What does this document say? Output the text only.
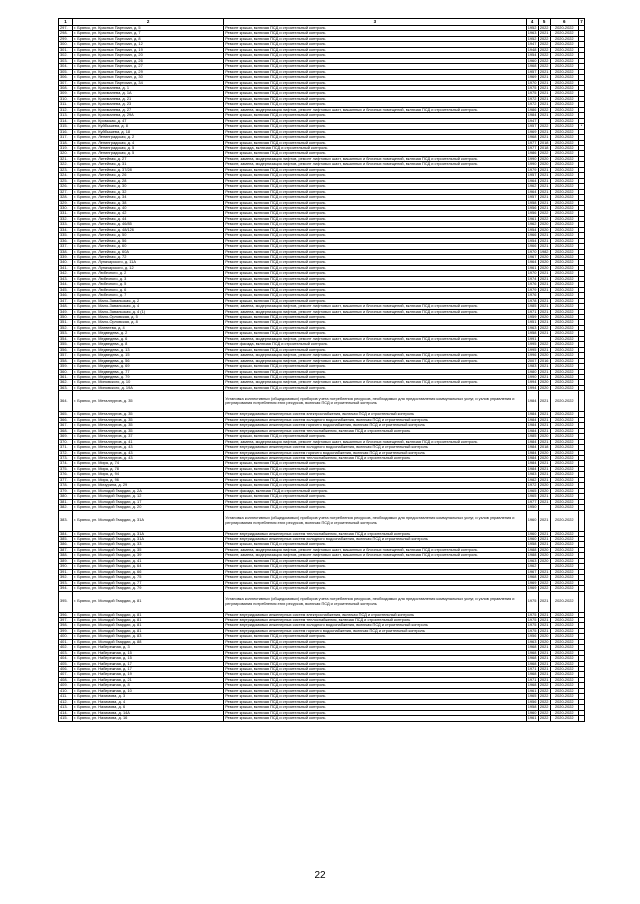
1	2	3	4	5	6	7
297.	г. Брянск, ул. Красных Партизан, д. 5	Ремонт крыши, включая ПСД и строительный контроль	1952	2022	2020-2022	
298.	г. Брянск, ул. Красных Партизан, д. 7	Ремонт крыши, включая ПСД и строительный контроль	1963	2021	2020-2022	
299.	г. Брянск, ул. Красных Партизан, д. 8	Ремонт крыши, включая ПСД и строительный контроль	1952	2022	2020-2022	
300.	г. Брянск, ул. Красных Партизан, д. 12	Ремонт крыши, включая ПСД и строительный контроль	1947	2022	2020-2022	
301.	г. Брянск, ул. Красных Партизан, д. 19	Ремонт крыши, включая ПСД и строительный контроль	1948	2022	2020-2022	
302.	г. Брянск, ул. Красных Партизан, д. 20	Ремонт крыши, включая ПСД и строительный контроль	1954	2022	2020-2022	
303.	г. Брянск, ул. Красных Партизан, д. 26	Ремонт крыши, включая ПСД и строительный контроль	1960	2022	2020-2022	
304.	г. Брянск, ул. Красных Партизан, д. 27	Ремонт крыши, включая ПСД и строительный контроль	1968	2022	2020-2022	
305.	г. Брянск, ул. Красных Партизан, д. 29	Ремонт крыши, включая ПСД и строительный контроль	1957	2021	2020-2022	
306.	г. Брянск, ул. Красных Партизан, д. 30	Ремонт крыши, включая ПСД и строительный контроль	1969	2021	2020-2022	
307.	г. Брянск, ул. Красных Партизан, д. 34	Ремонт крыши, включая ПСД и строительный контроль	1970	2021	2020-2022	
308.	г. Брянск, ул. Крахмалева, д. 1	Ремонт крыши, включая ПСД и строительный контроль	1975	2021	2020-2022	
309.	г. Брянск, ул. Крахмалева, д. 1А	Ремонт крыши, включая ПСД и строительный контроль	1975	2021	2020-2022	
310.	г. Брянск, ул. Крахмалева, д. 21	Ремонт крыши, включая ПСД и строительный контроль	1972	2021	2020-2022	
311.	г. Брянск, ул. Крахмалева, д. 23	Ремонт крыши, включая ПСД и строительный контроль	1972	2021	2020-2022	
312.	г. Брянск, ул. Крахмалева, д. 27	Ремонт, замена, модернизация лифтов, ремонт лифтовых шахт, машинных и блочных помещений, включая ПСД и строительный контроль	1986	2022	2020-2022	
313.	г. Брянск, ул. Крахмалева, д. 29А	Ремонт крыши, включая ПСД и строительный контроль	1984	2021	2020-2022	
314.	г. Брянск, ул. Кромская, д. 47	Ремонт крыши, включая ПСД и строительный контроль	1947		2020-2022	
315.	г. Брянск, ул. Куйбышева, д. 8	Ремонт крыши, включая ПСД и строительный контроль	1957	2022	2020-2022	*
316.	г. Брянск, ул. Куйбышева, д. 18	Ремонт крыши, включая ПСД и строительный контроль	1969	2021	2020-2022	
317.	г. Брянск, ул. Ленинградская, д. 2	Ремонт крыши, включая ПСД и строительный контроль	1968	2021	2020-2022	
318.	г. Брянск, ул. Ленинградская, д. 4	Ремонт крыши, включая ПСД и строительный контроль	1977	2018	2020-2022	
319.	г. Брянск, ул. Ленинградская, д. 5	Ремонт фасада, включая ПСД и строительный контроль	1977	2018	2020-2022	
320.	г. Брянск, ул. Ленинградская, д. 5	Ремонт крыши, включая ПСД и строительный контроль	1986	2022	2020-2022	
321.	г. Брянск, ул. Литейная, д. 27	Ремонт, замена, модернизация лифтов, ремонт лифтовых шахт, машинных и блочных помещений, включая ПСД и строительный контроль	1990	2020	2020-2022	
322.	г. Брянск, ул. Литейная, д. 31	Ремонт, замена, модернизация лифтов, ремонт лифтовых шахт, машинных и блочных помещений, включая ПСД и строительный контроль	1990	2020	2020-2022	
323.	г. Брянск, ул. Литейная, д. 37/28	Ремонт крыши, включая ПСД и строительный контроль	1979	2021	2020-2022	
324.	г. Брянск, ул. Литейная, д. 26	Ремонт крыши, включая ПСД и строительный контроль	1957	2021	2020-2022	
325.	г. Брянск, ул. Литейная, д. 28	Ремонт крыши, включая ПСД и строительный контроль	1964	2021	2020-2022	
326.	г. Брянск, ул. Литейная, д. 30	Ремонт крыши, включая ПСД и строительный контроль	1962	2021	2020-2022	
327.	г. Брянск, ул. Литейная, д. 32	Ремонт крыши, включая ПСД и строительный контроль	1964	2021	2020-2022	
328.	г. Брянск, ул. Литейная, д. 34	Ремонт крыши, включая ПСД и строительный контроль	1957	2021	2020-2022	
329.	г. Брянск, ул. Литейная, д. 38	Ремонт крыши, включая ПСД и строительный контроль	1958	2021	2020-2022	
330.	г. Брянск, ул. Литейная, д. 40	Ремонт крыши, включая ПСД и строительный контроль	1956	2021	2020-2022	
331.	г. Брянск, ул. Литейная, д. 42	Ремонт крыши, включая ПСД и строительный контроль	1956	2022	2020-2022	
332.	г. Брянск, ул. Литейная, д. 44	Ремонт крыши, включая ПСД и строительный контроль	1961	2022	2020-2022	
333.	г. Брянск, ул. Литейная, д. 46/85	Ремонт крыши, включая ПСД и строительный контроль	1962	2020	2020-2022	
334.	г. Брянск, ул. Литейная, д. 48/126	Ремонт крыши, включая ПСД и строительный контроль	1954	2020	2020-2022	
335.	г. Брянск, ул. Литейная, д. 50	Ремонт крыши, включая ПСД и строительный контроль	1966	2021	2020-2022	
336.	г. Брянск, ул. Литейная, д. 56	Ремонт крыши, включая ПСД и строительный контроль	1954	2021	2020-2022	
337.	г. Брянск, ул. Литейная, д. 60	Ремонт крыши, включая ПСД и строительный контроль	1966	2021	2020-2022	
338.	г. Брянск, ул. Литейная, д. 60А	Ремонт крыши, включая ПСД и строительный контроль	1970	1982	2020-2022	
339.	г. Брянск, ул. Литейная, д. 72	Ремонт крыши, включая ПСД и строительный контроль	1967	2020	2020-2022	
340.	г. Брянск, ул. Луначарского, д. 11А	Ремонт крыши, включая ПСД и строительный контроль	1964	2020	2020-2022	
341.	г. Брянск, ул. Луначарского, д. 12	Ремонт крыши, включая ПСД и строительный контроль	1961	2020	2020-2022	
342.	г. Брянск, ул. Любезного, д. 2	Ремонт крыши, включая ПСД и строительный контроль	1970	2021	2020-2022	
343.	г. Брянск, ул. Любезного, д. 3	Ремонт крыши, включая ПСД и строительный контроль	1974	2021	2020-2022	
344.	г. Брянск, ул. Любезного, д. 5	Ремонт крыши, включая ПСД и строительный контроль	1976	2021	2020-2022	
345.	г. Брянск, ул. Любезного, д. 6	Ремонт крыши, включая ПСД и строительный контроль	1979	2021	2020-2022	
346.	г. Брянск, ул. Любезного, д. 7	Ремонт крыши, включая ПСД и строительный контроль	1976		2020-2022	
347.	г. Брянск, ул. Мало-Завальская, д. 2	Ремонт крыши, включая ПСД и строительный контроль	1978	2021	2020-2022	
348.	г. Брянск, ул. Мало-Завальская, д. 4	Ремонт, замена, модернизация лифтов, ремонт лифтовых шахт, машинных и блочных помещений, включая ПСД и строительный контроль	1985	2021	2020-2022	
349.	г. Брянск, ул. Мало-Завальская, д. 4 (1)	Ремонт, замена, модернизация лифтов, ремонт лифтовых шахт, машинных и блочных помещений, включая ПСД и строительный контроль	1971	2021	2020-2022	
350.	г. Брянск, ул. Мало-Орловская, д. 5	Ремонт крыши, включая ПСД и строительный контроль	1959	2020	2020-2022	
351.	г. Брянск, ул. Мало-Орловская, д. 8	Ремонт крыши, включая ПСД и строительный контроль	1951	2021	2020-2022	
352.	г. Брянск, ул. Матвеева, д. 4	Ремонт крыши, включая ПСД и строительный контроль	1963	2022	2020-2022	
353.	г. Брянск, ул. Медведева, д. 2	Ремонт крыши, включая ПСД и строительный контроль	1958	2021	2020-2022	
354.	г. Брянск, ул. Медведева, д. 6	Ремонт, замена, модернизация лифтов, ремонт лифтовых шахт, машинных и блочных помещений, включая ПСД и строительный контроль	1991		2020-2022	
355.	г. Брянск, ул. Медведева, д. 8	Ремонт фасада, включая ПСД и строительный контроль	1995	2022	2020-2022	
356.	г. Брянск, ул. Медведева, д. 13	Ремонт крыши, включая ПСД и строительный контроль	1995	2021	2020-2022	
357.	г. Брянск, ул. Медведева, д. 15	Ремонт, замена, модернизация лифтов, ремонт лифтовых шахт, машинных и блочных помещений, включая ПСД и строительный контроль	1996	2020	2020-2022	
358.	г. Брянск, ул. Медведева, д. 56	Ремонт, замена, модернизация лифтов, ремонт лифтовых шахт, машинных и блочных помещений, включая ПСД и строительный контроль	2007	2016	2020-2022	
359.	г. Брянск, ул. Медведева, д. 69	Ремонт крыши, включая ПСД и строительный контроль	1983	2021	2020-2022	
360.	г. Брянск, ул. Медведева, д. 77	Ремонт крыши, включая ПСД и строительный контроль	1980	2021	2020-2022	
361.	г. Брянск, ул. Медведева, д. 79	Ремонт крыши, включая ПСД и строительный контроль	1990	2021	2020-2022	
362.	г. Брянск, ул. Миновского, д. 10	Ремонт, замена, модернизация лифтов, ремонт лифтовых шахт, машинных и блочных помещений, включая ПСД и строительный контроль	1994	2020	2020-2022	
363.	г. Брянск, ул. Миновского, д. 19А	Ремонт крыши, включая ПСД и строительный контроль	1994	2020	2020-2022	
364.	г. Брянск, ул. Металлургов, д. 35	Установка коллективных (общедомовых) приборов учета потребления ресурсов, необходимых для предоставления коммунальных услуг, и узлов управления и регулирования потребления этих ресурсов, включая ПСД и строительный контроль	1984	2021	2020-2022	
365.	г. Брянск, ул. Металлургов, д. 35	Ремонт внутридомовых инженерных систем электроснабжения, включая ПСД и строительный контроль	1984	2021	2020-2022	
366.	г. Брянск, ул. Металлургов, д. 35	Ремонт внутридомовых инженерных систем холодного водоснабжения, включая ПСД и строительный контроль	1984	2021	2020-2022	
367.	г. Брянск, ул. Металлургов, д. 35	Ремонт внутридомовых инженерных систем горячего водоснабжения, включая ПСД и строительный контроль	1984	2021	2020-2022	
368.	г. Брянск, ул. Металлургов, д. 35	Ремонт внутридомовых инженерных систем теплоснабжения, включая ПСД и строительный контроль	1984	2021	2020-2022	
369.	г. Брянск, ул. Металлургов, д. 37	Ремонт крыши, включая ПСД и строительный контроль	1985	2020	2020-2022	
370.	г. Брянск, ул. Металлургов, д. 41	Ремонт, замена, модернизация лифтов, ремонт лифтовых шахт, машинных и блочных помещений, включая ПСД и строительный контроль	1984	2021	2020-2022	
371.	г. Брянск, ул. Металлургов, д. 43	Ремонт внутридомовых инженерных систем холодного водоснабжения, включая ПСД и строительный контроль	1984	2018	2020-2022	
372.	г. Брянск, ул. Металлургов, д. 43	Ремонт внутридомовых инженерных систем горячего водоснабжения, включая ПСД и строительный контроль	1984	2020	2020-2022	
373.	г. Брянск, ул. Металлургов, д. 43	Ремонт внутридомовых инженерных систем теплоснабжения, включая ПСД и строительный контроль	1984	2020	2020-2022	
374.	г. Брянск, ул. Мира, д. 74	Ремонт крыши, включая ПСД и строительный контроль	1984	2021	2020-2022	
375.	г. Брянск, ул. Мира, д. 78	Ремонт крыши, включая ПСД и строительный контроль	1984	2021	2020-2022	
376.	г. Брянск, ул. Мира, д. 94	Ремонт крыши, включая ПСД и строительный контроль	1983	2021	2020-2022	
377.	г. Брянск, ул. Мира, д. 96	Ремонт крыши, включая ПСД и строительный контроль	1982	2021	2020-2022	
378.	г. Брянск, ул. Мичурина, д. 29	Ремонт крыши, включая ПСД и строительный контроль	1972	2020	2020-2022	
379.	г. Брянск, ул. Молодой Гвардии, д. 2А	Ремонт фасада, включая ПСД и строительный контроль	1965	2020	2020-2022	
380.	г. Брянск, ул. Молодой Гвардии, д. 12	Ремонт крыши, включая ПСД и строительный контроль	1965	2021	2020-2022	
381.	г. Брянск, ул. Молодой Гвардии, д. 17	Ремонт крыши, включая ПСД и строительный контроль	1977	2021	2020-2022	
382.	г. Брянск, ул. Молодой Гвардии, д. 20	Ремонт крыши, включая ПСД и строительный контроль	1950		2020-2022	
383.	г. Брянск, ул. Молодой Гвардии, д. 31А	Установка коллективных (общедомовых) приборов учета потребления ресурсов, необходимых для предоставления коммунальных услуг, и узлов управления и регулирования потребления этих ресурсов, включая ПСД и строительный контроль	1960	2021	2020-2022	
384.	г. Брянск, ул. Молодой Гвардии, д. 31А	Ремонт внутридомовых инженерных систем теплоснабжения, включая ПСД и строительный контроль	1960	2021	2020-2022	
385.	г. Брянск, ул. Молодой Гвардии, д. 31А	Ремонт внутридомовых инженерных систем холодного водоснабжения, включая ПСД и строительный контроль	1960	2021	2020-2022	
386.	г. Брянск, ул. Молодой Гвардии, д. 33	Ремонт крыши, включая ПСД и строительный контроль	1958	2021	2020-2022	
387.	г. Брянск, ул. Молодой Гвардии, д. 35	Ремонт, замена, модернизация лифтов, ремонт лифтовых шахт, машинных и блочных помещений, включая ПСД и строительный контроль	1988	2020	2020-2022	
388.	г. Брянск, ул. Молодой Гвардии, д. 39	Ремонт, замена, модернизация лифтов, ремонт лифтовых шахт, машинных и блочных помещений, включая ПСД и строительный контроль	1988	2020	2020-2022	
389.	г. Брянск, ул. Молодой Гвардии, д. 41	Ремонт крыши, включая ПСД и строительный контроль	1963	2020	2020-2022	
390.	г. Брянск, ул. Молодой Гвардии, д. 64	Ремонт крыши, включая ПСД и строительный контроль	1962		2020-2022	
391.	г. Брянск, ул. Молодой Гвардии, д. 66	Ремонт крыши, включая ПСД и строительный контроль	1967	2021	2020-2022	
392.	г. Брянск, ул. Молодой Гвардии, д. 75	Ремонт крыши, включая ПСД и строительный контроль	1968	2022	2020-2022	
393.	г. Брянск, ул. Молодой Гвардии, д. 77	Ремонт крыши, включая ПСД и строительный контроль	1969	2022	2020-2022	
394.	г. Брянск, ул. Молодой Гвардии, д. 79	Ремонт крыши, включая ПСД и строительный контроль	1969	2022	2020-2022	
395.	г. Брянск, ул. Молодой Гвардии, д. 81	Установка коллективных (общедомовых) приборов учета потребления ресурсов, необходимых для предоставления коммунальных услуг, и узлов управления и регулирования потребления этих ресурсов, включая ПСД и строительный контроль	1975	2021	2020-2022	
396.	г. Брянск, ул. Молодой Гвардии, д. 81	Ремонт внутридомовых инженерных систем электроснабжения, включая ПСД и строительный контроль	1975	2021	2020-2022	
397.	г. Брянск, ул. Молодой Гвардии, д. 81	Ремонт внутридомовых инженерных систем теплоснабжения, включая ПСД и строительный контроль	1975	2021	2020-2022	
398.	г. Брянск, ул. Молодой Гвардии, д. 81	Ремонт внутридомовых инженерных систем холодного водоснабжения, включая ПСД и строительный контроль	1975	2021	2020-2022	
399.	г. Брянск, ул. Молодой Гвардии, д. 81	Ремонт внутридомовых инженерных систем горячего водоснабжения, включая ПСД и строительный контроль	1975	2021	2020-2022	
400.	г. Брянск, ул. Молодой Гвардии, д. 83	Ремонт крыши, включая ПСД и строительный контроль	1956	2020	2020-2022	
401.	г. Брянск, ул. Молодой Гвардии, д. 88	Ремонт крыши, включая ПСД и строительный контроль	1963	2020	2020-2022	
402.	г. Брянск, ул. Набережная, д. 3	Ремонт крыши, включая ПСД и строительный контроль	1968	2021	2020-2022	
403.	г. Брянск, ул. Набережная, д. 15	Ремонт крыши, включая ПСД и строительный контроль	1968	2021	2020-2022	
404.	г. Брянск, ул. Набережная, д. 15	Ремонт крыши, включая ПСД и строительный контроль	1968	2021	2020-2022	
405.	г. Брянск, ул. Набережная, д. 17	Ремонт крыши, включая ПСД и строительный контроль	1968	2021	2020-2022	
406.	г. Брянск, ул. Набережная, д. 17	Ремонт крыши, включая ПСД и строительный контроль	1971	2021	2020-2022	
407.	г. Брянск, ул. Набережная, д. 19	Ремонт крыши, включая ПСД и строительный контроль	1968	2021	2020-2022	
408.	г. Брянск, ул. Набережная, д. 21	Ремонт крыши, включая ПСД и строительный контроль	1971	2021	2020-2022	
409.	г. Брянск, ул. Набережная, д. 8	Ремонт крыши, включая ПСД и строительный контроль	1968	2022	2020-2022	
410.	г. Брянск, ул. Набережная, д. 10	Ремонт крыши, включая ПСД и строительный контроль	1961	2022	2020-2022	
411.	г. Брянск, ул. Нахимова, д. 3	Ремонт крыши, включая ПСД и строительный контроль	1965	2022	2020-2022	
412.	г. Брянск, ул. Нахимова, д. 4	Ремонт крыши, включая ПСД и строительный контроль	1956	2022	2020-2022	
413.	г. Брянск, ул. Нахимова, д. 6	Ремонт крыши, включая ПСД и строительный контроль	1958	2022	2020-2022	
414.	г. Брянск, ул. Нахимова, д. 14А	Ремонт крыши, включая ПСД и строительный контроль	1960	2022	2020-2022	
415.	г. Брянск, ул. Нахимова, д. 16	Ремонт крыши, включая ПСД и строительный контроль	1961	2022	2020-2022	
22
